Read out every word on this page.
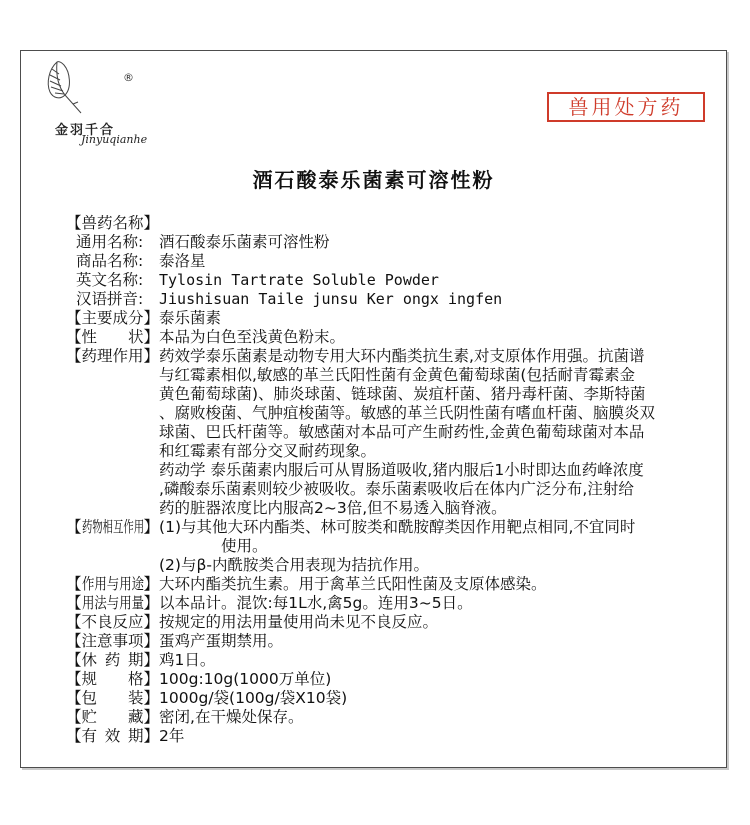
®
金羽千合
Jinyuqianhe
兽用处方药
酒石酸泰乐菌素可溶性粉
【 兽药名称 】
通用名称:	酒石酸泰乐菌素可溶性粉
商品名称:	泰洛星
英文名称:	Tylosin Tartrate Soluble Powder
汉语拼音:	Jiushisuan Taile junsu Ker ongx ingfen
【 主要成分 】 泰乐菌素
【 性状 】 本品为白色至浅黄色粉末。
【 药理作用 】 药效学泰乐菌素是动物专用大环内酯类抗生素,对支原体作用强。抗菌谱
与红霉素相似,敏感的革兰氏阳性菌有金黄色葡萄球菌(包括耐青霉素金
黄色葡萄球菌)、肺炎球菌、链球菌、炭疽杆菌、猪丹毒杆菌、李斯特菌
、腐败梭菌、气肿疽梭菌等。敏感的革兰氏阴性菌有嗜血杆菌、脑膜炎双
球菌、巴氏杆菌等。敏感菌对本品可产生耐药性,金黄色葡萄球菌对本品
和红霉素有部分交叉耐药现象。
药动学 泰乐菌素内服后可从胃肠道吸收,猪内服后1小时即达血药峰浓度
,磷酸泰乐菌素则较少被吸收。泰乐菌素吸收后在体内广泛分布,注射给
药的脏器浓度比内服高2~3倍,但不易透入脑脊液。
【 药物相互作用 】 (1)与其他大环内酯类、林可胺类和酰胺醇类因作用靶点相同,不宜同时
　　　　使用。
(2)与β-内酰胺类合用表现为拮抗作用。
【 作用与用途 】 大环内酯类抗生素。用于禽革兰氏阳性菌及支原体感染。
【 用法与用量 】 以本品计。混饮:每1L水,禽5g。连用3~5日。
【 不良反应 】 按规定的用法用量使用尚未见不良反应。
【 注意事项 】 蛋鸡产蛋期禁用。
【 休药期 】 鸡1日。
【 规格 】 100g:10g(1000万单位)
【 包装 】 1000g/袋(100g/袋X10袋)
【 贮藏 】 密闭,在干燥处保存。
【 有效期 】 2年
